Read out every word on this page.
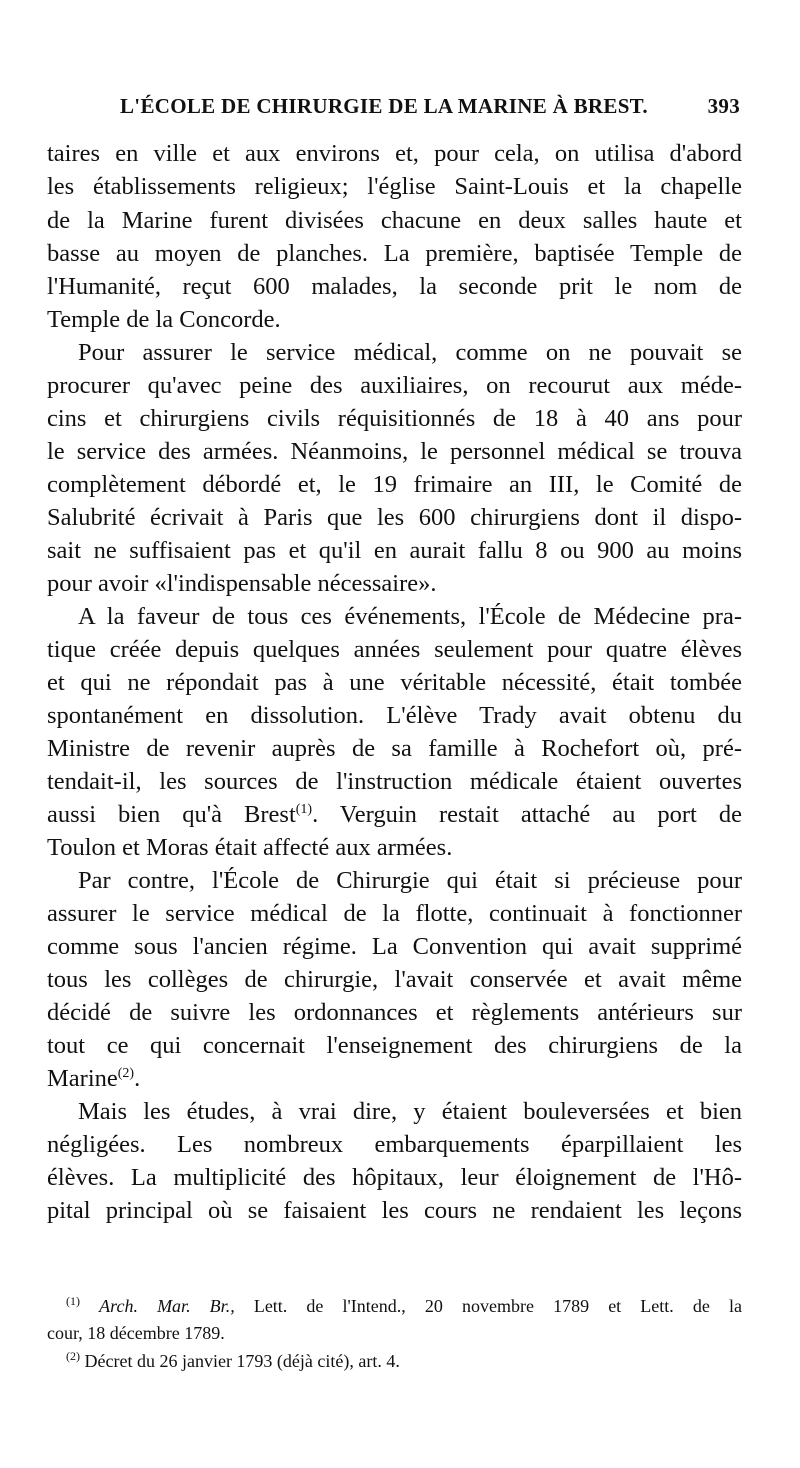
L'ÉCOLE DE CHIRURGIE DE LA MARINE À BREST.	393
taires en ville et aux environs et, pour cela, on utilisa d'abord
les établissements religieux; l'église Saint-Louis et la chapelle
de la Marine furent divisées chacune en deux salles haute et
basse au moyen de planches. La première, baptisée Temple de
l'Humanité, reçut 600 malades, la seconde prit le nom de
Temple de la Concorde.
Pour assurer le service médical, comme on ne pouvait se
procurer qu'avec peine des auxiliaires, on recourut aux méde-
cins et chirurgiens civils réquisitionnés de 18 à 40 ans pour
le service des armées. Néanmoins, le personnel médical se trouva
complètement débordé et, le 19 frimaire an III, le Comité de
Salubrité écrivait à Paris que les 600 chirurgiens dont il dispo-
sait ne suffisaient pas et qu'il en aurait fallu 8 ou 900 au moins
pour avoir «l'indispensable nécessaire».
A la faveur de tous ces événements, l'École de Médecine pra-
tique créée depuis quelques années seulement pour quatre élèves
et qui ne répondait pas à une véritable nécessité, était tombée
spontanément en dissolution. L'élève Trady avait obtenu du
Ministre de revenir auprès de sa famille à Rochefort où, pré-
tendait-il, les sources de l'instruction médicale étaient ouvertes
aussi bien qu'à Brest$^{(1)}$. Verguin restait attaché au port de
Toulon et Moras était affecté aux armées.
Par contre, l'École de Chirurgie qui était si précieuse pour
assurer le service médical de la flotte, continuait à fonctionner
comme sous l'ancien régime. La Convention qui avait supprimé
tous les collèges de chirurgie, l'avait conservée et avait même
décidé de suivre les ordonnances et règlements antérieurs sur
tout ce qui concernait l'enseignement des chirurgiens de la
Marine$^{(2)}$.
Mais les études, à vrai dire, y étaient bouleversées et bien
négligées. Les nombreux embarquements éparpillaient les
élèves. La multiplicité des hôpitaux, leur éloignement de l'Hô-
pital principal où se faisaient les cours ne rendaient les leçons
$^{(1)}$ Arch. Mar. Br., Lett. de l'Intend., 20 novembre 1789 et Lett. de la
cour, 18 décembre 1789.
$^{(2)}$ Décret du 26 janvier 1793 (déjà cité), art. 4.
